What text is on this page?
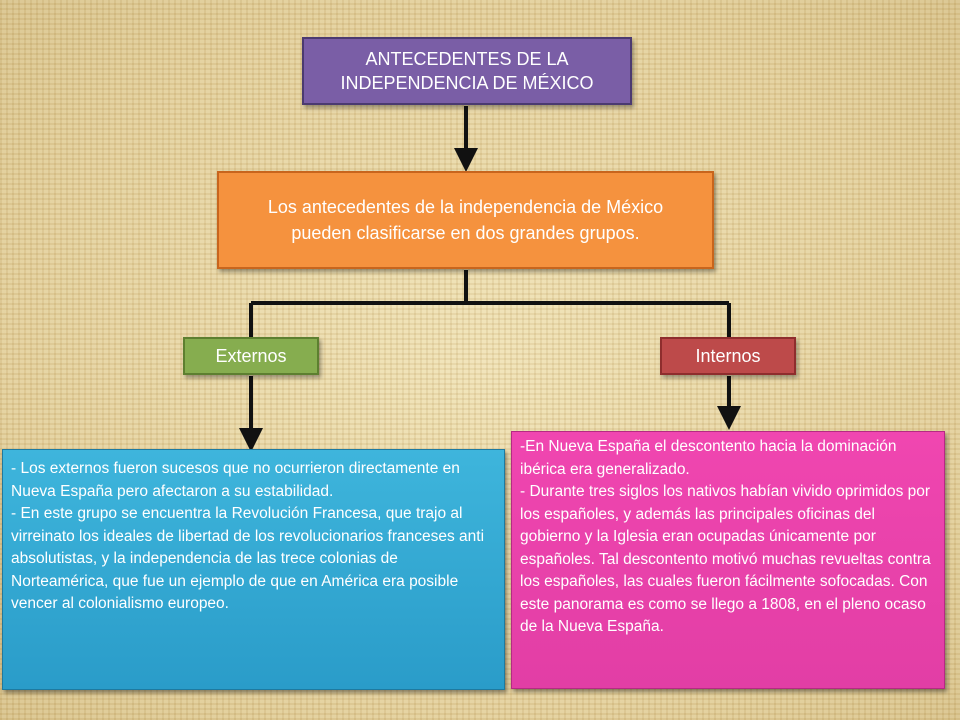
ANTECEDENTES DE LA INDEPENDENCIA DE MÉXICO
Los antecedentes de la independencia de México pueden clasificarse en dos grandes grupos.
Externos	Internos

- Los externos fueron sucesos que no ocurrieron directamente en Nueva España pero afectaron a su estabilidad.

- En este grupo se encuentra la Revolución Francesa, que trajo al virreinato los ideales de libertad de los revolucionarios franceses anti absolutistas, y la independencia de las trece colonias de Norteamérica, que fue un ejemplo de que en América era posible vencer al colonialismo europeo.

-En Nueva España el descontento hacia la dominación ibérica era generalizado.

- Durante tres siglos los nativos habían vivido oprimidos por los españoles, y además las principales oficinas del gobierno y la Iglesia eran ocupadas únicamente por españoles. Tal descontento motivó muchas revueltas contra los españoles, las cuales fueron fácilmente sofocadas. Con este panorama es como se llego a 1808, en el pleno ocaso de la Nueva España.
